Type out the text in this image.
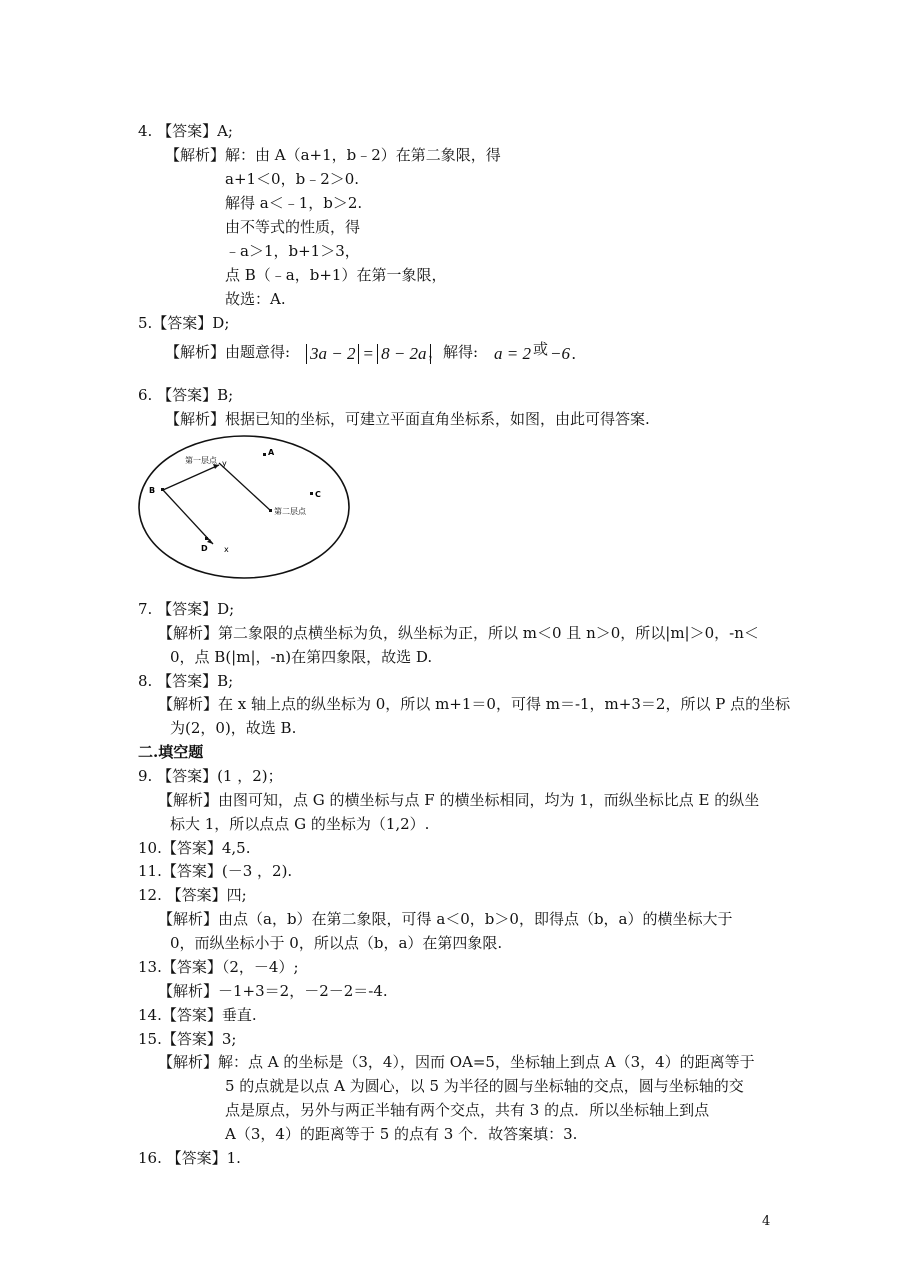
4. 【答案】A;
【解析】解：由 A（a+1，b﹣2）在第二象限，得
a+1＜0，b﹣2＞0.
解得 a＜﹣1，b＞2.
由不等式的性质，得
﹣a＞1，b+1＞3，
点 B（﹣a，b+1）在第一象限，
故选：A.
5.【答案】D;
【解析】由题意得:	，解得:
6. 【答案】B;
【解析】根据已知的坐标，可建立平面直角坐标系，如图，由此可得答案.
7. 【答案】D;
【解析】第二象限的点横坐标为负，纵坐标为正，所以 m＜0 且 n＞0，所以|m|＞0，-n＜
0，点 B(|m|，-n)在第四象限，故选 D.
8. 【答案】B;
【解析】在 x 轴上点的纵坐标为 0，所以 m+1＝0，可得 m＝-1，m+3＝2，所以 P 点的坐标
为(2，0)，故选 B.
二.填空题
9. 【答案】(1 ，2)；
【解析】由图可知，点 G 的横坐标与点 F 的横坐标相同，均为 1，而纵坐标比点 E 的纵坐
标大 1，所以点点 G 的坐标为（1,2）.
10.【答案】4,5.
11.【答案】(－3 ，2).
12. 【答案】四;
【解析】由点（a，b）在第二象限，可得 a＜0，b＞0，即得点（b，a）的横坐标大于
0，而纵坐标小于 0，所以点（b，a）在第四象限.
13.【答案】（2，－4）;
【解析】－1+3＝2，－2－2＝-4.
14.【答案】垂直.
15.【答案】3;
【解析】解：点 A 的坐标是（3，4），因而 OA=5，坐标轴上到点 A（3，4）的距离等于
5 的点就是以点 A 为圆心，以 5 为半径的圆与坐标轴的交点，圆与坐标轴的交
点是原点，另外与两正半轴有两个交点，共有 3 的点．所以坐标轴上到点
A（3，4）的距离等于 5 的点有 3 个．故答案填：3.
16. 【答案】1.
3a − 2 = 8 − 2a	a = 2 或 −6 .
B
A
C
D x
y
第一层点
第二层点
4
